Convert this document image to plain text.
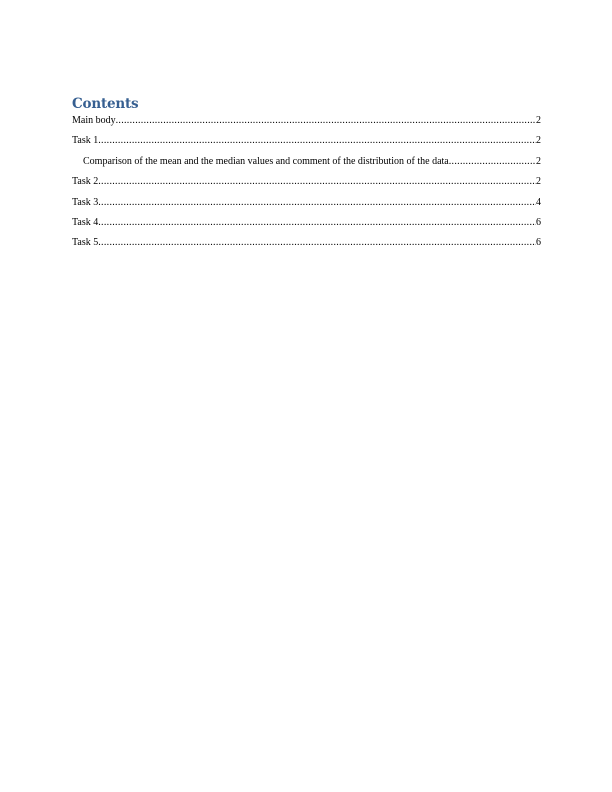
Contents
Main body .....	2
Task 1 .....	2
Comparison of the mean and the median values and comment of the distribution of the data .....	2
Task 2 .....	2
Task 3 .....	4
Task 4 .....	6
Task 5 .....	6
